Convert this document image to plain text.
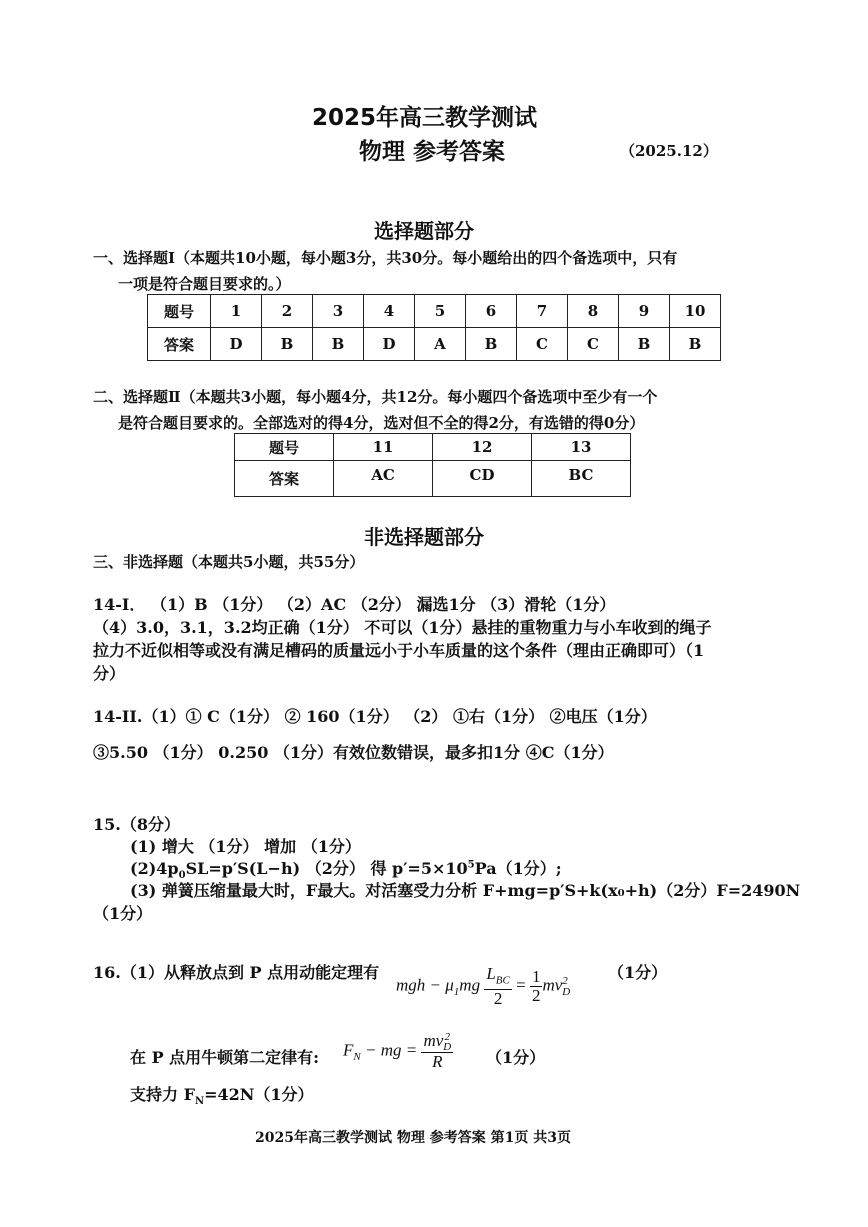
2025年高三教学测试
物理 参考答案	（2025.12）
选择题部分
一、选择题Ⅰ（本题共10小题，每小题3分，共30分。每小题给出的四个备选项中，只有
一项是符合题目要求的。）
题号	1	2	3	4	5	6	7	8	9	10
答案	D	B	B	D	A	B	C	C	B	B
二、选择题Ⅱ（本题共3小题，每小题4分，共12分。每小题四个备选项中至少有一个
是符合题目要求的。全部选对的得4分，选对但不全的得2分，有选错的得0分）
题号	11	12	13
答案	AC	CD	BC
非选择题部分
三、非选择题（本题共5小题，共55分）
14-I． （1）B （1分） （2）AC （2分） 漏选1分 （3）滑轮（1分）
（4）3.0，3.1，3.2均正确（1分） 不可以（1分）悬挂的重物重力与小车收到的绳子
拉力不近似相等或没有满足槽码的质量远小于小车质量的这个条件（理由正确即可）（1
分）
14-II.（1）① C（1分） ② 160（1分） （2） ①右（1分） ②电压（1分）
③5.50 （1分） 0.250 （1分）有效位数错误，最多扣1分 ④C（1分）
15.（8分）
(1) 增大 （1分） 增加 （1分）
$(2)4p_0SL=p'S(L-h)$ （2分） 得 $p'=5\times 10^5Pa(1$分）;
(3) 弹簧压缩量最大时，F最大。对活塞受力分析 F+mg=p′S+k(x₀+h)（2分）F=2490N
（1分）
16.（1）从释放点到 P 点用动能定理有	（1分）
mgh − $\mu_1mg \frac{L_{BC}}{2} = \frac{1}{2}$ mv 2
D
在 P 点用牛顿第二定律有: $F_N$ − mg = mv 2
D
R （1分）
支持力 $F_N=42N(1$分）
2025年高三教学测试 物理 参考答案 第1页 共3页
